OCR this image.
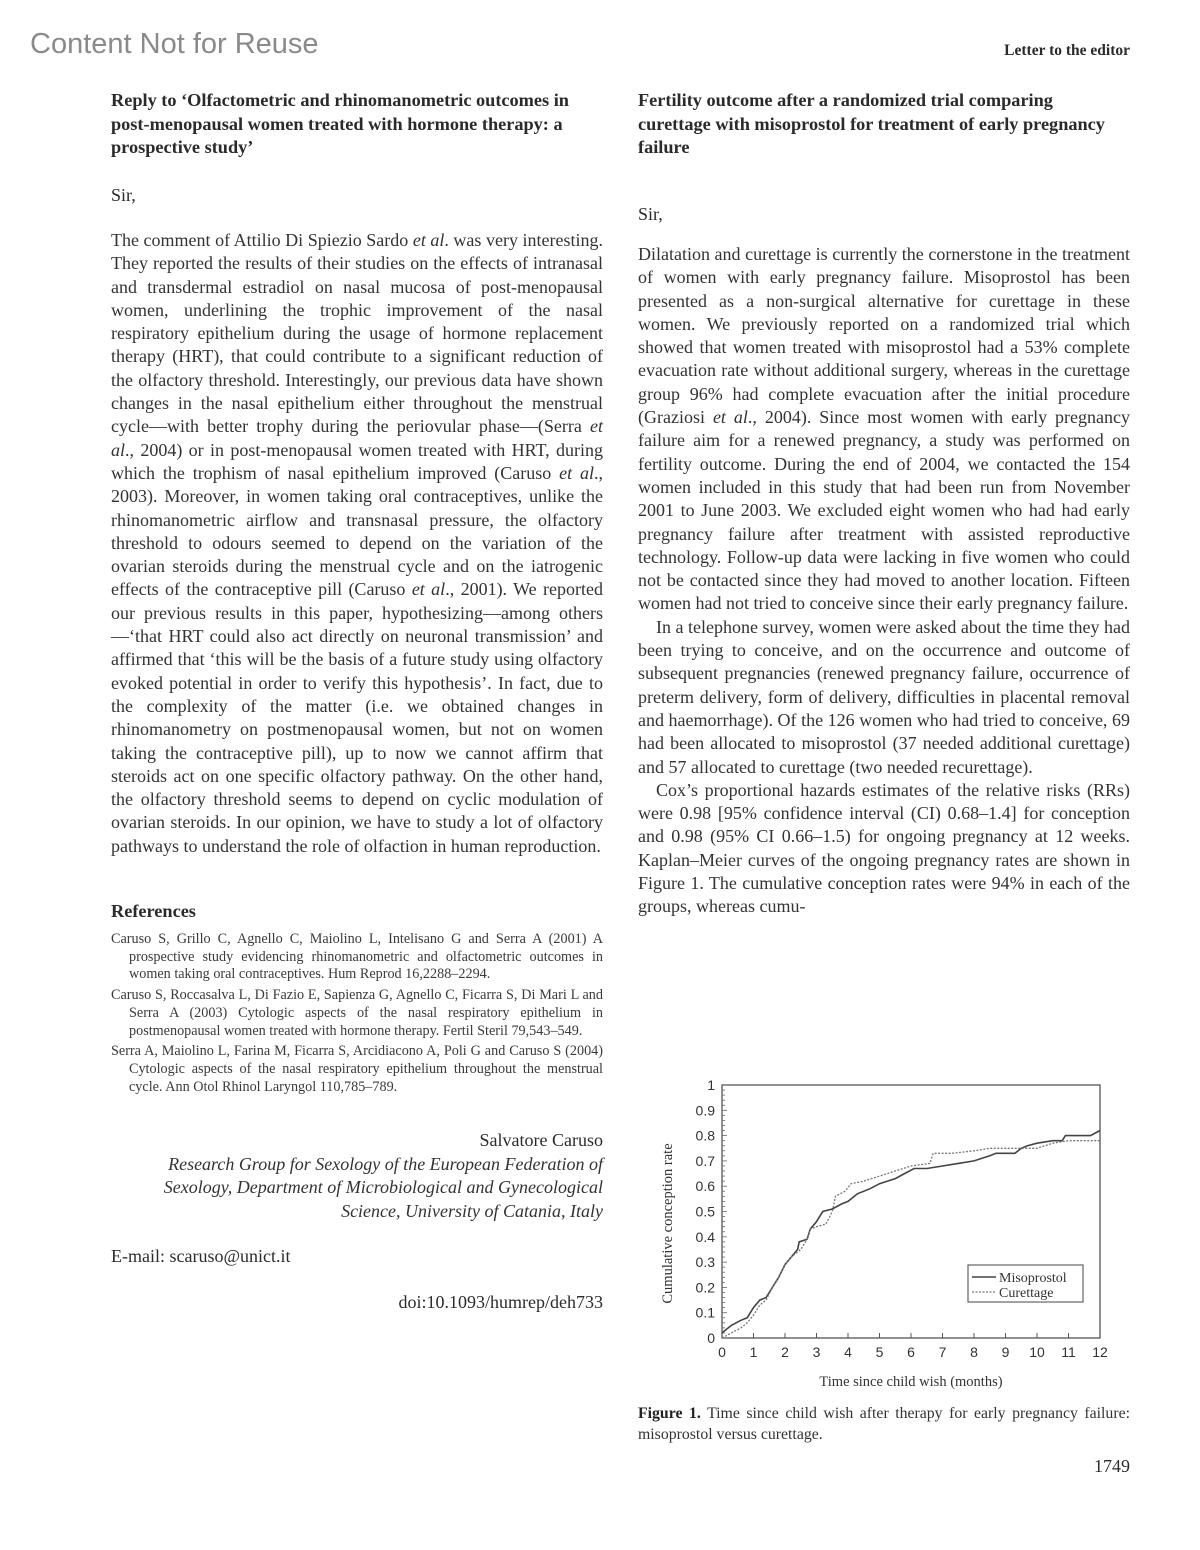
Content Not for Reuse	Letter to the editor
Reply to ‘Olfactometric and rhinomanometric outcomes in post-menopausal women treated with hormone therapy: a prospective study’

Sir,

The comment of Attilio Di Spiezio Sardo et al. was very interesting. They reported the results of their studies on the effects of intranasal and transdermal estradiol on nasal mucosa of post-menopausal women, underlining the trophic improvement of the nasal respiratory epithelium during the usage of hormone replacement therapy (HRT), that could contribute to a significant reduction of the olfactory threshold. Interestingly, our previous data have shown changes in the nasal epithelium either throughout the menstrual cycle—with better trophy during the periovular phase—(Serra et al., 2004) or in post-menopausal women treated with HRT, during which the trophism of nasal epithelium improved (Caruso et al., 2003). Moreover, in women taking oral contraceptives, unlike the rhinomanometric airflow and transnasal pressure, the olfactory threshold to odours seemed to depend on the variation of the ovarian steroids during the menstrual cycle and on the iatrogenic effects of the contraceptive pill (Caruso et al., 2001). We reported our previous results in this paper, hypothesizing—among others—‘that HRT could also act directly on neuronal transmission’ and affirmed that ‘this will be the basis of a future study using olfactory evoked potential in order to verify this hypothesis’. In fact, due to the complexity of the matter (i.e. we obtained changes in rhinomanometry on postmenopausal women, but not on women taking the contraceptive pill), up to now we cannot affirm that steroids act on one specific olfactory pathway. On the other hand, the olfactory threshold seems to depend on cyclic modulation of ovarian steroids. In our opinion, we have to study a lot of olfactory pathways to understand the role of olfaction in human reproduction.

References

Caruso S, Grillo C, Agnello C, Maiolino L, Intelisano G and Serra A (2001) A prospective study evidencing rhinomanometric and olfactometric outcomes in women taking oral contraceptives. Hum Reprod 16,2288–2294.

Caruso S, Roccasalva L, Di Fazio E, Sapienza G, Agnello C, Ficarra S, Di Mari L and Serra A (2003) Cytologic aspects of the nasal respiratory epithelium in postmenopausal women treated with hormone therapy. Fertil Steril 79,543–549.

Serra A, Maiolino L, Farina M, Ficarra S, Arcidiacono A, Poli G and Caruso S (2004) Cytologic aspects of the nasal respiratory epithelium throughout the menstrual cycle. Ann Otol Rhinol Laryngol 110,785–789.

Salvatore Caruso

Research Group for Sexology of the European Federation of Sexology, Department of Microbiological and Gynecological Science, University of Catania, Italy

E-mail: scaruso@unict.it

doi:10.1093/humrep/deh733

Fertility outcome after a randomized trial comparing curettage with misoprostol for treatment of early pregnancy failure

Sir,

Dilatation and curettage is currently the cornerstone in the treatment of women with early pregnancy failure. Misoprostol has been presented as a non-surgical alternative for curettage in these women. We previously reported on a randomized trial which showed that women treated with misoprostol had a 53% complete evacuation rate without additional surgery, whereas in the curettage group 96% had complete evacuation after the initial procedure (Graziosi et al., 2004). Since most women with early pregnancy failure aim for a renewed pregnancy, a study was performed on fertility outcome. During the end of 2004, we contacted the 154 women included in this study that had been run from November 2001 to June 2003. We excluded eight women who had had early pregnancy failure after treatment with assisted reproductive technology. Follow-up data were lacking in five women who could not be contacted since they had moved to another location. Fifteen women had not tried to conceive since their early pregnancy failure.

In a telephone survey, women were asked about the time they had been trying to conceive, and on the occurrence and outcome of subsequent pregnancies (renewed pregnancy failure, occurrence of preterm delivery, form of delivery, difficulties in placental removal and haemorrhage). Of the 126 women who had tried to conceive, 69 had been allocated to misoprostol (37 needed additional curettage) and 57 allocated to curettage (two needed recurettage).

Cox’s proportional hazards estimates of the relative risks (RRs) were 0.98 [95% confidence interval (CI) 0.68–1.4] for conception and 0.98 (95% CI 0.66–1.5) for ongoing pregnancy at 12 weeks. Kaplan–Meier curves of the ongoing pregnancy rates are shown in Figure 1. The cumulative conception rates were 94% in each of the groups, whereas cumu-

0
0.1
0.2
0.3
0.4
0.5
0.6
0.7
0.8
0.9
1
0 1 2 3 4 5 6 7 8 9 10 11 12
Time since child wish (months)
Cumulative conception rate	Misoprostol
Curettage
Figure 1. Time since child wish after therapy for early pregnancy failure: misoprostol versus curettage.
1749
